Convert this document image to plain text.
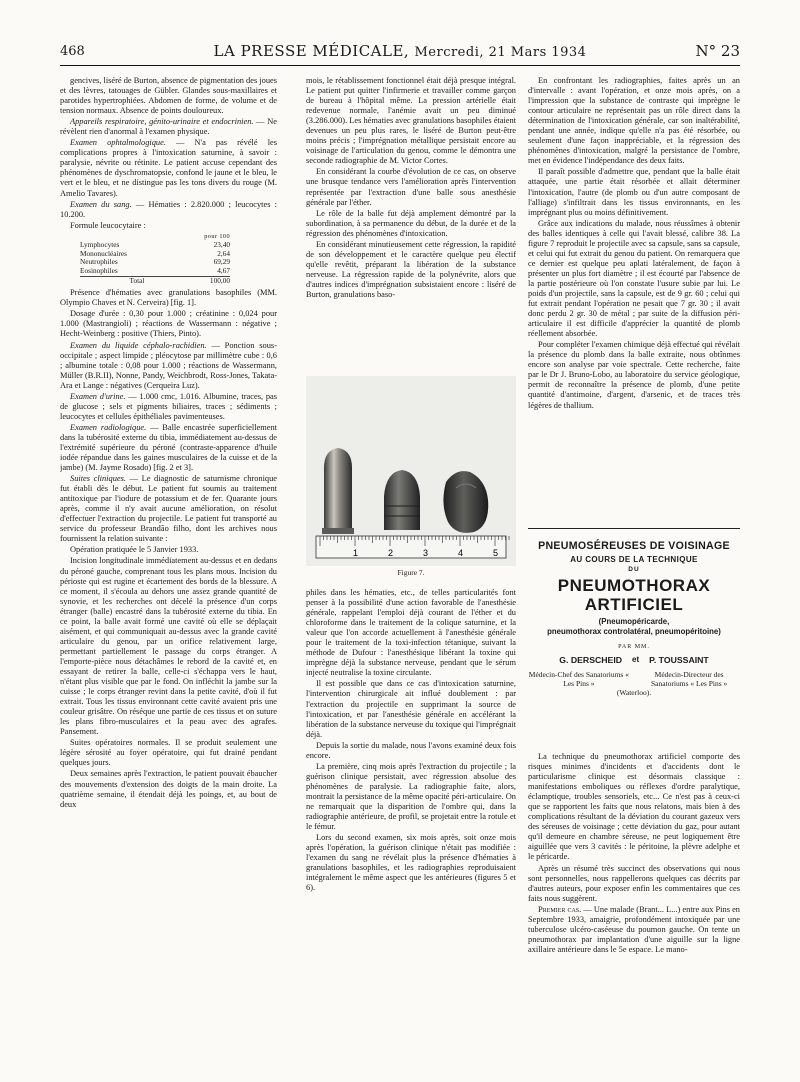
468	LA PRESSE MÉDICALE, Mercredi, 21 Mars 1934	N° 23

gencives, liséré de Burton, absence de pigmentation des joues et des lèvres, tatouages de Gübler. Glandes sous-maxillaires et parotides hypertrophiées. Abdomen de forme, de volume et de tension normaux. Absence de points douloureux.

Appareils respiratoire, génito-urinaire et endocrinien. — Ne révèlent rien d'anormal à l'examen physique.

Examen ophtalmologique. — N'a pas révélé les complications propres à l'intoxication saturnine, à savoir : paralysie, névrite ou rétinite. Le patient accuse cependant des phénomènes de dyschromatopsie, confond le jaune et le bleu, le vert et le bleu, et ne distingue pas les tons divers du rouge (M. Amelio Tavares).

Examen du sang. — Hématies : 2.820.000 ; leucocytes : 10.200.

Formule leucocytaire :

	pour 100
Lymphocytes	23,40
Mononucléaires	2,64
Neutrophiles	69,29
Eosinophiles	4,67
Total	100,00

Présence d'hématies avec granulations basophiles (MM. Olympio Chaves et N. Cerveira) [fig. 1].

Dosage d'urée : 0,30 pour 1.000 ; créatinine : 0,024 pour 1.000 (Mastrangioli) ; réactions de Wassermann : négative ; Hecht-Weinberg : positive (Thiers, Pinto).

Examen du liquide céphalo-rachidien. — Ponction sous-occipitale ; aspect limpide ; pléocytose par millimètre cube : 0,6 ; albumine totale : 0,08 pour 1.000 ; réactions de Wassermann, Müller (B.R.II), Nonne, Pandy, Weichbrodt, Ross-Jones, Takata-Ara et Lange : négatives (Cerqueira Luz).

Examen d'urine. — 1.000 cmc, 1.016. Albumine, traces, pas de glucose ; sels et pigments biliaires, traces ; sédiments ; leucocytes et cellules épithéliales pavimenteuses.

Examen radiologique. — Balle encastrée superficiellement dans la tubérosité externe du tibia, immédiatement au-dessus de l'extrémité supérieure du péroné (contraste-apparence d'huile iodée répandue dans les gaines musculaires de la cuisse et de la jambe) (M. Jayme Rosado) [fig. 2 et 3].

Suites cliniques. — Le diagnostic de saturnisme chronique fut établi dès le début. Le patient fut soumis au traitement antitoxique par l'iodure de potassium et de fer. Quarante jours après, comme il n'y avait aucune amélioration, on résolut d'effectuer l'extraction du projectile. Le patient fut transporté au service du professeur Brandão filho, dont les archives nous fournissent la relation suivante :

Opération pratiquée le 5 Janvier 1933.

Incision longitudinale immédiatement au-dessus et en dedans du péroné gauche, comprenant tous les plans mous. Incision du périoste qui est rugine et écartement des bords de la blessure. A ce moment, il s'écoula au dehors une assez grande quantité de synovie, et les recherches ont décelé la présence d'un corps étranger (balle) encastré dans la tubérosité externe du tibia. En ce point, la balle avait formé une cavité où elle se déplaçait aisément, et qui communiquait au-dessus avec la grande cavité articulaire du genou, par un orifice relativement large, permettant partiellement le passage du corps étranger. A l'emporte-pièce nous détachâmes le rebord de la cavité et, en essayant de retirer la balle, celle-ci s'échappa vers le haut, n'étant plus visible que par le fond. On infléchit la jambe sur la cuisse ; le corps étranger revint dans la petite cavité, d'où il fut extrait. Tous les tissus environnant cette cavité avaient pris une couleur grisâtre. On réséque une partie de ces tissus et on suture les plans fibro-musculaires et la peau avec des agrafes. Pansement.

Suites opératoires normales. Il se produit seulement une légère sérosité au foyer opératoire, qui fut drainé pendant quelques jours.

Deux semaines après l'extraction, le patient pouvait ébaucher des mouvements d'extension des doigts de la main droite. La quatrième semaine, il étendait déjà les poings, et, au bout de deux

mois, le rétablissement fonctionnel était déjà presque intégral. Le patient put quitter l'infirmerie et travailler comme garçon de bureau à l'hôpital même. La pression artérielle était redevenue normale, l'anémie avait un peu diminué (3.286.000). Les hématies avec granulations basophiles étaient devenues un peu plus rares, le liséré de Burton peut-être moins précis ; l'imprégnation métallique persistait encore au voisinage de l'articulation du genou, comme le démontra une seconde radiographie de M. Victor Cortes.

En considérant la courbe d'évolution de ce cas, on observe une brusque tendance vers l'amélioration après l'intervention représentée par l'extraction d'une balle sous anesthésie générale par l'éther.

Le rôle de la balle fut déjà amplement démontré par la subordination, à sa permanence du début, de la durée et de la régression des phénomènes d'intoxication.

En considérant minutieusement cette régression, la rapidité de son développement et le caractère quelque peu électif qu'elle revêtit, préparant la libération de la substance nerveuse. La régression rapide de la polynévrite, alors que d'autres indices d'imprégnation subsistaient encore : liséré de Burton, granulations baso-

1	2	3	4	5
Figure 7.

philes dans les hématies, etc., de telles particularités font penser à la possibilité d'une action favorable de l'anesthésie générale, rappelant l'emploi déjà courant de l'éther et du chloroforme dans le traitement de la colique saturnine, et la valeur que l'on accorde actuellement à l'anesthésie générale pour le traitement de la toxi-infection tétanique, suivant la méthode de Dufour : l'anesthésique libérant la toxine qui imprègne déjà la substance nerveuse, pendant que le sérum injecté neutralise la toxine circulante.

Il est possible que dans ce cas d'intoxication saturnine, l'intervention chirurgicale ait influé doublement : par l'extraction du projectile en supprimant la source de l'intoxication, et par l'anesthésie générale en accélérant la libération de la substance nerveuse du toxique qui l'imprégnait déjà.

Depuis la sortie du malade, nous l'avons examiné deux fois encore.

La première, cinq mois après l'extraction du projectile ; la guérison clinique persistait, avec régression absolue des phénomènes de paralysie. La radiographie faite, alors, montrait la persistance de la même opacité péri-articulaire. On ne remarquait que la disparition de l'ombre qui, dans la radiographie antérieure, de profil, se projetait entre la rotule et le fémur.

Lors du second examen, six mois après, soit onze mois après l'opération, la guérison clinique n'était pas modifiée : l'examen du sang ne révélait plus la présence d'hématies à granulations basophiles, et les radiographies reproduisaient intégralement le même aspect que les antérieures (figures 5 et 6).

En confrontant les radiographies, faites après un an d'intervalle : avant l'opération, et onze mois après, on a l'impression que la substance de contraste qui imprègne le contour articulaire ne représentait pas un rôle direct dans la détermination de l'intoxication générale, car son inaltérabilité, pendant une année, indique qu'elle n'a pas été résorbée, ou seulement d'une façon inappréciable, et la régression des phénomènes d'intoxication, malgré la persistance de l'ombre, met en évidence l'indépendance des deux faits.

Il paraît possible d'admettre que, pendant que la balle était attaquée, une partie était résorbée et allait déterminer l'intoxication, l'autre (de plomb ou d'un autre composant de l'alliage) s'infiltrait dans les tissus environnants, en les imprégnant plus ou moins définitivement.

Grâce aux indications du malade, nous réussîmes à obtenir des balles identiques à celle qui l'avait blessé, calibre 38. La figure 7 reproduit le projectile avec sa capsule, sans sa capsule, et celui qui fut extrait du genou du patient. On remarquera que ce dernier est quelque peu aplati latéralement, de façon à présenter un plus fort diamètre ; il est écourté par l'absence de la partie postérieure où l'on constate l'usure subie par lui. Le poids d'un projectile, sans la capsule, est de 9 gr. 60 ; celui qui fut extrait pendant l'opération ne pesait que 7 gr. 30 ; il avait donc perdu 2 gr. 30 de métal ; par suite de la diffusion péri-articulaire il est difficile d'apprécier la quantité de plomb réellement absorbée.

Pour compléter l'examen chimique déjà effectué qui révélait la présence du plomb dans la balle extraite, nous obtînmes encore son analyse par voie spectrale. Cette recherche, faite par le Dr J. Bruno-Lobo, au laboratoire du service géologique, permit de reconnaître la présence de plomb, d'une petite quantité d'antimoine, d'argent, d'arsenic, et de traces très légères de thallium.

PNEUMOSÉREUSES DE VOISINAGE
AU COURS DE LA TECHNIQUE
DU
PNEUMOTHORAX ARTIFICIEL
(Pneumopéricarde,
pneumothorax controlatéral, pneumopéritoine)
PAR MM.
G. DERSCHEID et P. TOUSSAINT
Médecin-Chef des Sanatoriums « Les Pins »
Médecin-Directeur des Sanatoriums « Les Pins »
(Waterloo).

La technique du pneumothorax artificiel comporte des risques minimes d'incidents et d'accidents dont le particularisme clinique est désormais classique : manifestations emboliques ou réflexes d'ordre paralytique, éclamptique, troubles sensoriels, etc... Ce n'est pas à ceux-ci que se rapportent les faits que nous relatons, mais bien à des complications résultant de la déviation du courant gazeux vers des séreuses de voisinage ; cette déviation du gaz, pour autant qu'il demeure en chambre séreuse, ne peut logiquement être aiguillée que vers 3 cavités : le péritoine, la plèvre adelphe et le péricarde.

Après un résumé très succinct des observations qui nous sont personnelles, nous rappellerons quelques cas décrits par d'autres auteurs, pour exposer enfin les commentaires que ces faits nous suggèrent.

Premier cas. — Une malade (Brant... L...) entre aux Pins en Septembre 1933, amaigrie, profondément intoxiquée par une tuberculose ulcéro-caséeuse du poumon gauche. On tente un pneumothorax par implantation d'une aiguille sur la ligne axillaire antérieure dans le 5e espace. Le mano-
